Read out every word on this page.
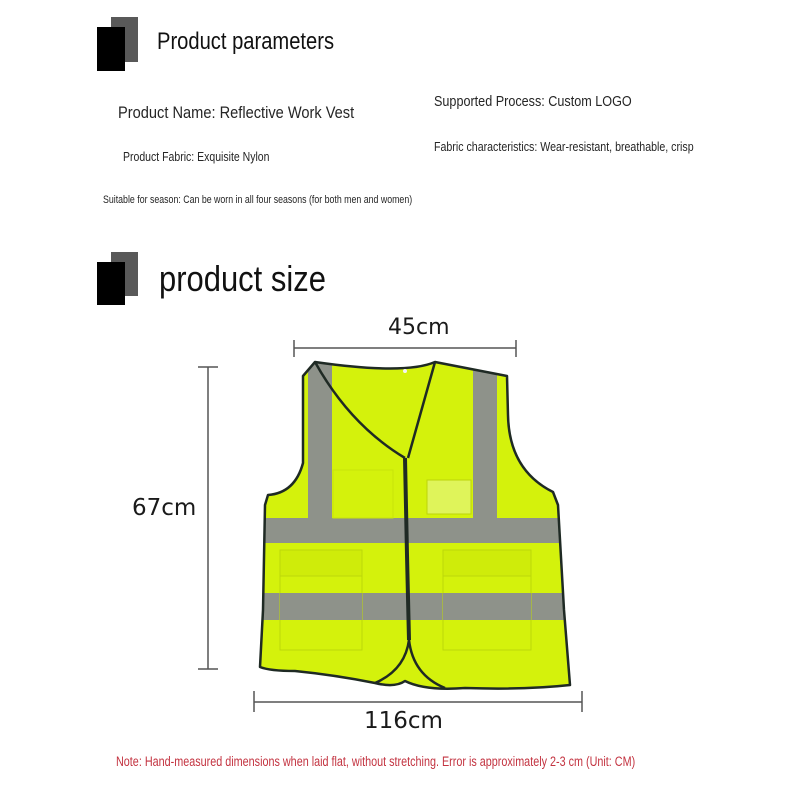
Product parameters
Product Name: Reflective Work Vest
Supported Process: Custom LOGO
Product Fabric: Exquisite Nylon
Fabric characteristics: Wear-resistant, breathable, crisp
Suitable for season: Can be worn in all four seasons (for both men and women)
product size
45cm
67cm
116cm
Note: Hand-measured dimensions when laid flat, without stretching. Error is approximately 2-3 cm (Unit: CM)
